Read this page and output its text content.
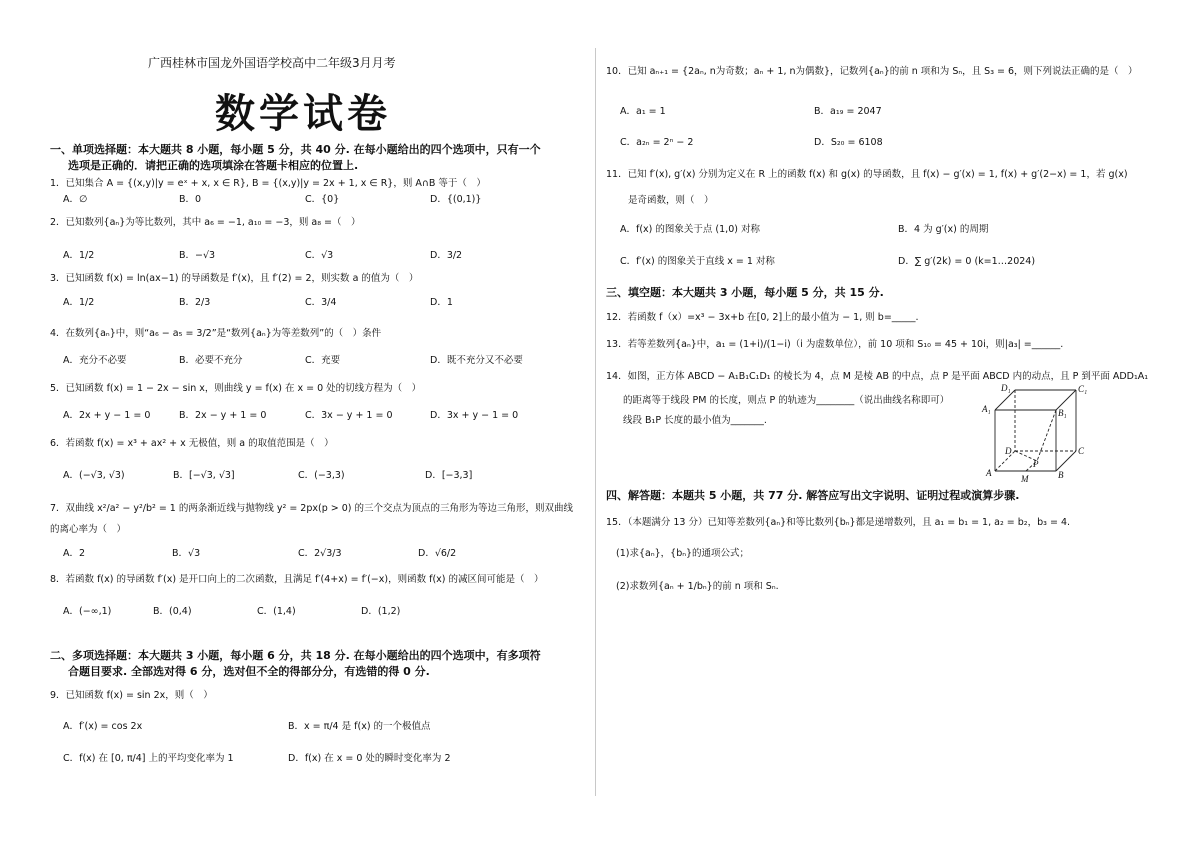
广西桂林市国龙外国语学校高中二年级3月月考
数学试卷
一、单项选择题：本大题共 8 小题，每小题 5 分，共 40 分. 在每小题给出的四个选项中，只有一个
选项是正确的．请把正确的选项填涂在答题卡相应的位置上.
1．已知集合 A = {(x,y)|y = eˣ + x, x ∈ R}, B = {(x,y)|y = 2x + 1, x ∈ R}，则 A∩B 等于（　）
A．∅	B．0	C．{0}	D．{(0,1)}
2．已知数列{aₙ}为等比数列，其中 a₆ = −1, a₁₀ = −3，则 a₈ =（　）
A．1/2	B．−√3	C．√3	D．3/2
3．已知函数 f(x) = ln(ax−1) 的导函数是 f′(x)，且 f′(2) = 2，则实数 a 的值为（　）
A．1/2	B．2/3	C．3/4	D．1
4．在数列{aₙ}中，则“a₆ − a₅ = 3/2”是“数列{aₙ}为等差数列”的（　）条件
A．充分不必要	B．必要不充分	C．充要	D．既不充分又不必要
5．已知函数 f(x) = 1 − 2x − sin x，则曲线 y = f(x) 在 x = 0 处的切线方程为（　）
A．2x + y − 1 = 0	B．2x − y + 1 = 0	C．3x − y + 1 = 0	D．3x + y − 1 = 0
6．若函数 f(x) = x³ + ax² + x 无极值，则 a 的取值范围是（　）
A．(−√3, √3)	B．[−√3, √3]	C．(−3,3)	D．[−3,3]
7．双曲线 x²/a² − y²/b² = 1 的两条渐近线与抛物线 y² = 2px(p > 0) 的三个交点为顶点的三角形为等边三角形，则双曲线
的离心率为（　）
A．2	B．√3	C．2√3/3	D．√6/2
8．若函数 f(x) 的导函数 f′(x) 是开口向上的二次函数，且满足 f′(4+x) = f′(−x)，则函数 f(x) 的减区间可能是（　）
A．(−∞,1)	B．(0,4)	C．(1,4)	D．(1,2)
二、多项选择题：本大题共 3 小题，每小题 6 分，共 18 分. 在每小题给出的四个选项中，有多项符
合题目要求. 全部选对得 6 分，选对但不全的得部分分，有选错的得 0 分.
9．已知函数 f(x) = sin 2x，则（　）
A．f′(x) = cos 2x	B．x = π/4 是 f(x) 的一个极值点
C．f(x) 在 [0, π/4] 上的平均变化率为 1	D．f(x) 在 x = 0 处的瞬时变化率为 2
10．已知 aₙ₊₁ = {2aₙ, n为奇数；aₙ + 1, n为偶数}，记数列{aₙ}的前 n 项和为 Sₙ，且 S₃ = 6，则下列说法正确的是（　）
A．a₁ = 1	B．a₁₉ = 2047
C．a₂ₙ = 2ⁿ − 2	D．S₂₀ = 6108
11．已知 f′(x), g′(x) 分别为定义在 R 上的函数 f(x) 和 g(x) 的导函数，且 f(x) − g′(x) = 1, f(x) + g′(2−x) = 1，若 g(x)
是奇函数，则（　）
A．f(x) 的图象关于点 (1,0) 对称	B．4 为 g′(x) 的周期
C．f′(x) 的图象关于直线 x = 1 对称	D．∑ g′(2k) = 0 (k=1…2024)
三、填空题：本大题共 3 小题，每小题 5 分，共 15 分.
12．若函数 f（x）=x³ − 3x+b 在[0, 2]上的最小值为 − 1, 则 b=_____.
13．若等差数列{aₙ}中，a₁ = (1+i)/(1−i)（i 为虚数单位），前 10 项和 S₁₀ = 45 + 10i，则|a₃| =______.
14．如图，正方体 ABCD − A₁B₁C₁D₁ 的棱长为 4，点 M 是棱 AB 的中点，点 P 是平面 ABCD 内的动点，且 P 到平面 ADD₁A₁
的距离等于线段 PM 的长度，则点 P 的轨迹为________（说出曲线名称即可）
线段 B₁P 长度的最小值为_______.
D₁	C₁
A₁	B₁
D	C
A	B
P
M
四、解答题：本题共 5 小题，共 77 分. 解答应写出文字说明、证明过程或演算步骤.
15．（本题满分 13 分）已知等差数列{aₙ}和等比数列{bₙ}都是递增数列，且 a₁ = b₁ = 1, a₂ = b₂，b₃ = 4.
(1)求{aₙ}，{bₙ}的通项公式；
(2)求数列{aₙ + 1/bₙ}的前 n 项和 Sₙ.
